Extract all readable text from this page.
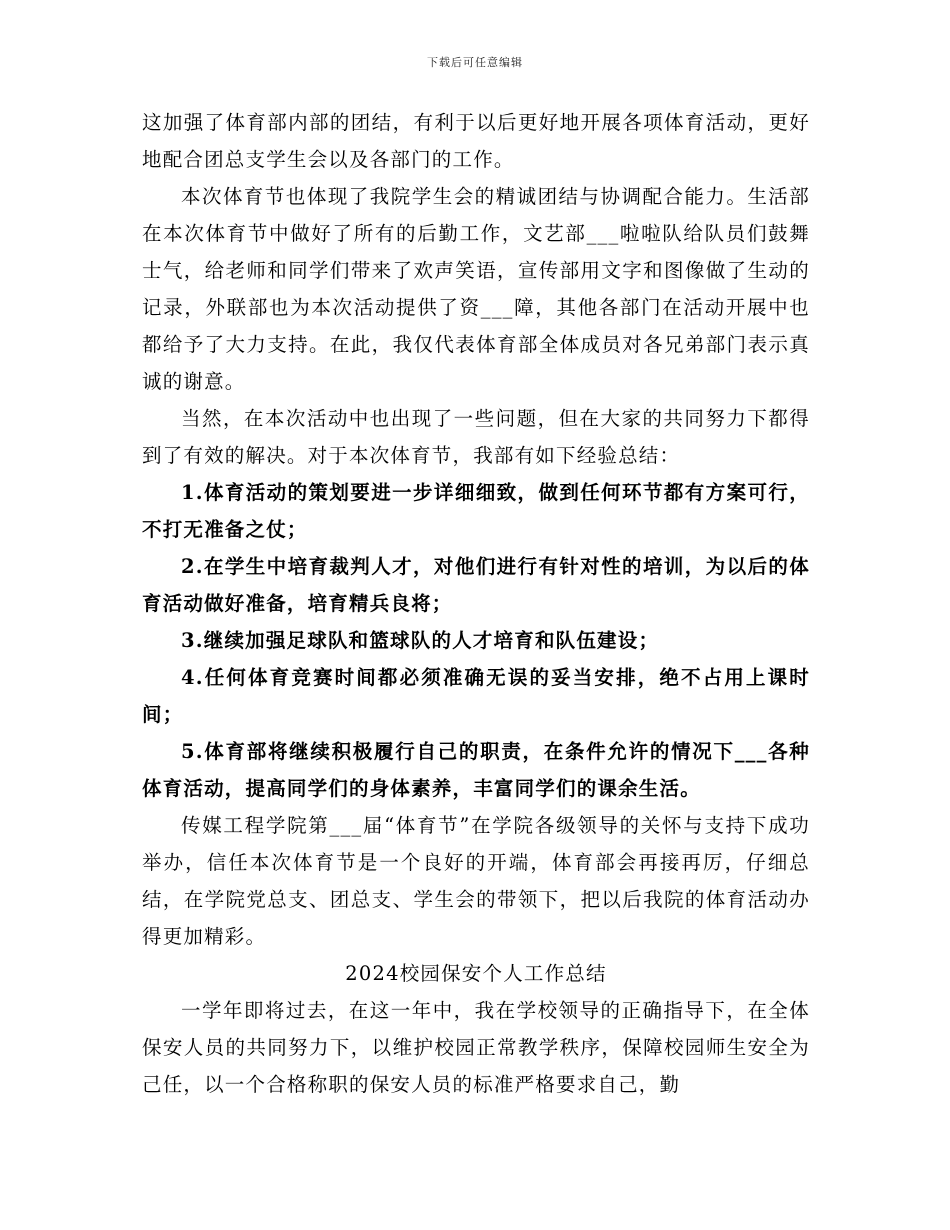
下载后可任意编辑

这加强了体育部内部的团结，有利于以后更好地开展各项体育活动，更好地配合团总支学生会以及各部门的工作。

本次体育节也体现了我院学生会的精诚团结与协调配合能力。生活部在本次体育节中做好了所有的后勤工作，文艺部___啦啦队给队员们鼓舞士气，给老师和同学们带来了欢声笑语，宣传部用文字和图像做了生动的记录，外联部也为本次活动提供了资___障，其他各部门在活动开展中也都给予了大力支持。在此，我仅代表体育部全体成员对各兄弟部门表示真诚的谢意。

当然，在本次活动中也出现了一些问题，但在大家的共同努力下都得到了有效的解决。对于本次体育节，我部有如下经验总结：

1.体育活动的策划要进一步详细细致，做到任何环节都有方案可行，不打无准备之仗；

2.在学生中培育裁判人才，对他们进行有针对性的培训，为以后的体育活动做好准备，培育精兵良将；

3.继续加强足球队和篮球队的人才培育和队伍建设；

4.任何体育竞赛时间都必须准确无误的妥当安排，绝不占用上课时间；

5.体育部将继续积极履行自己的职责，在条件允许的情况下___各种体育活动，提高同学们的身体素养，丰富同学们的课余生活。

传媒工程学院第___届“体育节”在学院各级领导的关怀与支持下成功举办，信任本次体育节是一个良好的开端，体育部会再接再厉，仔细总结，在学院党总支、团总支、学生会的带领下，把以后我院的体育活动办得更加精彩。

2024校园保安个人工作总结

一学年即将过去，在这一年中，我在学校领导的正确指导下，在全体保安人员的共同努力下，以维护校园正常教学秩序，保障校园师生安全为己任，以一个合格称职的保安人员的标准严格要求自己，勤
